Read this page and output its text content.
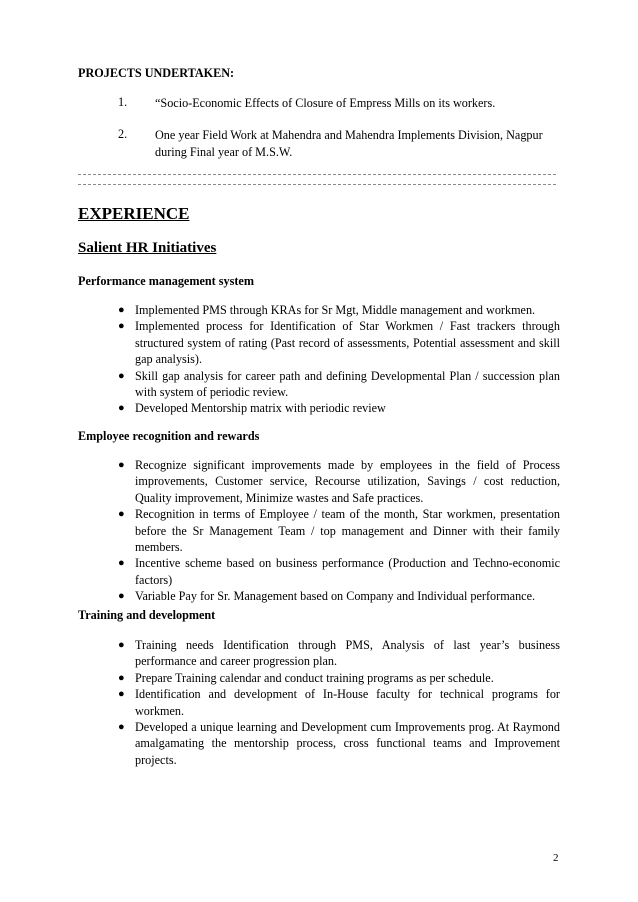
PROJECTS UNDERTAKEN:
1. “Socio-Economic Effects of Closure of Empress Mills on its workers.
2. One year Field Work at Mahendra and Mahendra Implements Division, Nagpur during Final year of M.S.W.
EXPERIENCE
Salient HR Initiatives
Performance management system
● Implemented PMS through KRAs for Sr Mgt, Middle management and workmen.
● Implemented process for Identification of Star Workmen / Fast trackers through structured system of rating (Past record of assessments, Potential assessment and skill gap analysis).
● Skill gap analysis for career path and defining Developmental Plan / succession plan with system of periodic review.
● Developed Mentorship matrix with periodic review
Employee recognition and rewards
● Recognize significant improvements made by employees in the field of Process improvements, Customer service, Recourse utilization, Savings / cost reduction, Quality improvement, Minimize wastes and Safe practices.
● Recognition in terms of Employee / team of the month, Star workmen, presentation before the Sr Management Team / top management and Dinner with their family members.
● Incentive scheme based on business performance (Production and Techno-economic factors)
● Variable Pay for Sr. Management based on Company and Individual performance.
Training and development
● Training needs Identification through PMS, Analysis of last year’s business performance and career progression plan.
● Prepare Training calendar and conduct training programs as per schedule.
● Identification and development of In-House faculty for technical programs for workmen.
● Developed a unique learning and Development cum Improvements prog. At Raymond amalgamating the mentorship process, cross functional teams and Improvement projects.
2
